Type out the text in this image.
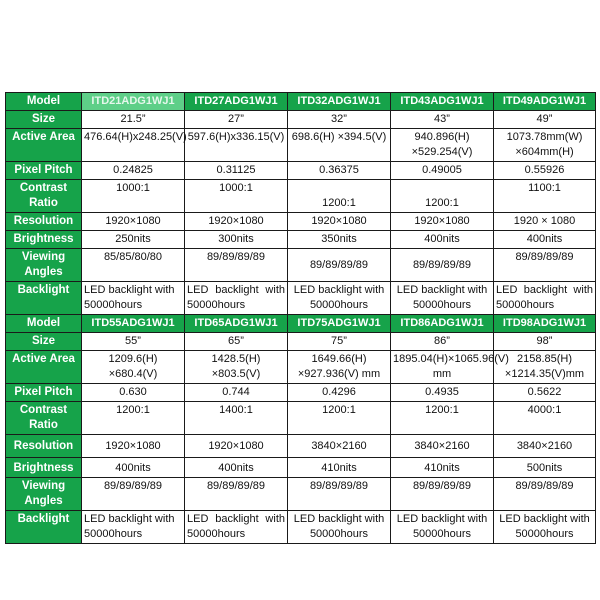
Model	ITD21ADG1WJ1	ITD27ADG1WJ1	ITD32ADG1WJ1	ITD43ADG1WJ1	ITD49ADG1WJ1
Size	21.5”	27”	32”	43”	49”
Active Area	476.64(H)x248.25(V)	597.6(H)x336.15(V)	698.6(H) ×394.5(V)	940.896(H) ×529.254(V)	1073.78mm(W) ×604mm(H)
Pixel Pitch	0.24825	0.31125	0.36375	0.49005	0.55926
Contrast Ratio	1000:1	1000:1	1200:1	1200:1	1100:1
Resolution	1920×1080	1920×1080	1920×1080	1920×1080	1920 × 1080
Brightness	250nits	300nits	350nits	400nits	400nits
Viewing Angles	85/85/80/80	89/89/89/89	89/89/89/89	89/89/89/89	89/89/89/89
Backlight	LED backlight with 50000hours	LED backlight with 50000hours	LED backlight with 50000hours	LED backlight with 50000hours	LED backlight with 50000hours
Model	ITD55ADG1WJ1	ITD65ADG1WJ1	ITD75ADG1WJ1	ITD86ADG1WJ1	ITD98ADG1WJ1
Size	55”	65”	75”	86”	98”
Active Area	1209.6(H) ×680.4(V)	1428.5(H) ×803.5(V)	1649.66(H) ×927.936(V) mm	1895.04(H)×1065.96(V) mm	2158.85(H) ×1214.35(V)mm
Pixel Pitch	0.630	0.744	0.4296	0.4935	0.5622
Contrast Ratio	1200:1	1400:1	1200:1	1200:1	4000:1
Resolution	1920×1080	1920×1080	3840×2160	3840×2160	3840×2160
Brightness	400nits	400nits	410nits	410nits	500nits
Viewing Angles	89/89/89/89	89/89/89/89	89/89/89/89	89/89/89/89	89/89/89/89
Backlight	LED backlight with 50000hours	LED backlight with 50000hours	LED backlight with 50000hours	LED backlight with 50000hours	LED backlight with 50000hours
